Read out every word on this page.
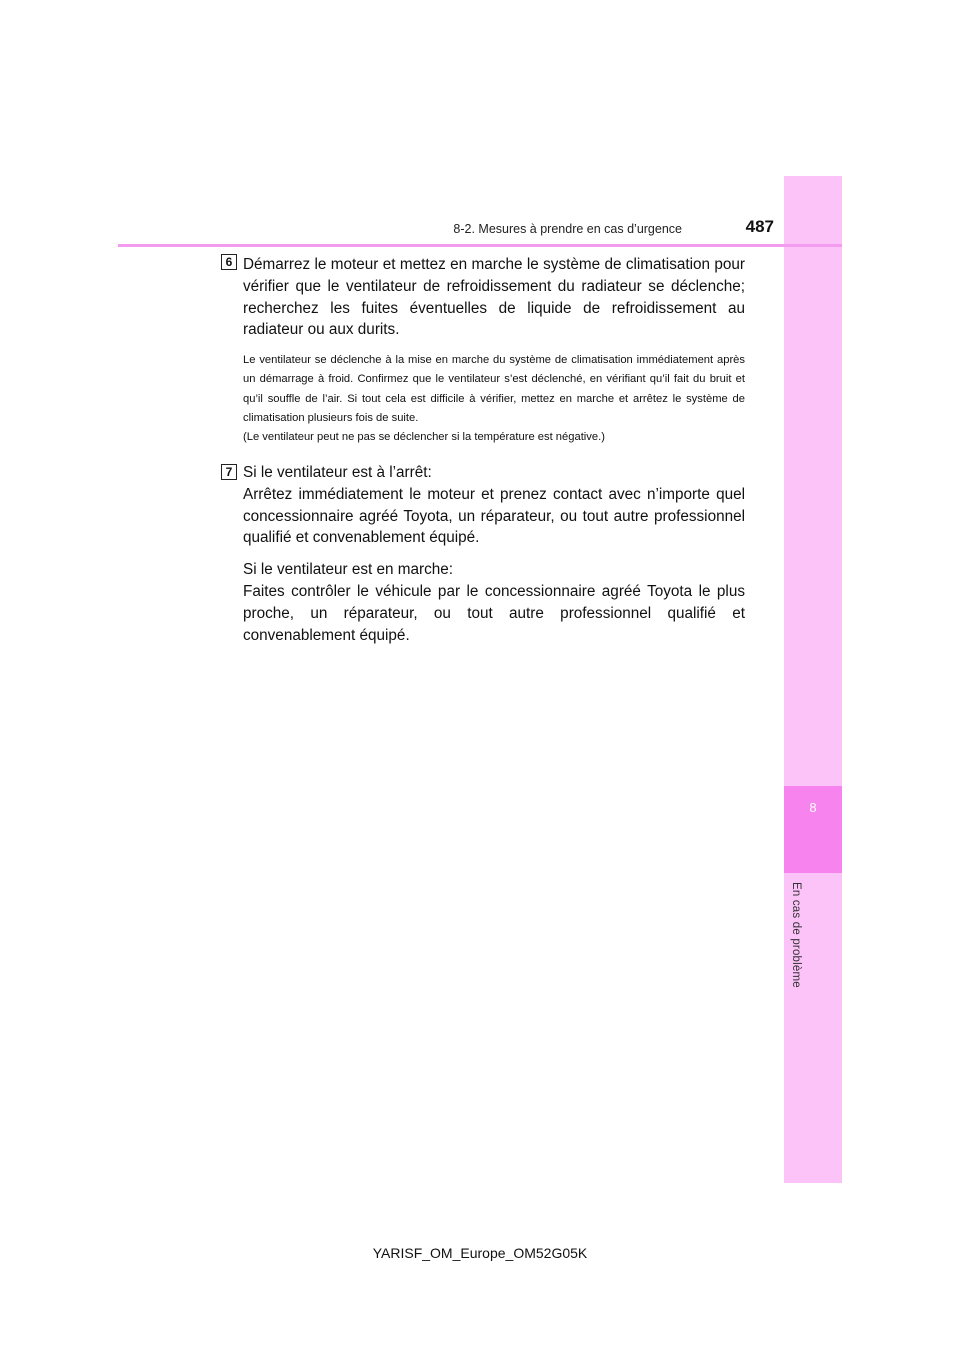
8
En cas de problème
8-2. Mesures à prendre en cas d’urgence	487
6 Démarrez le moteur et mettez en marche le système de climatisation pour vérifier que le ventilateur de refroidissement du radiateur se déclenche; recherchez les fuites éventuelles de liquide de refroidissement au radiateur ou aux durits.

Le ventilateur se déclenche à la mise en marche du système de climatisation immédiatement après un démarrage à froid. Confirmez que le ventilateur s’est déclenché, en vérifiant qu’il fait du bruit et qu’il souffle de l’air. Si tout cela est difficile à vérifier, mettez en marche et arrêtez le système de climatisation plusieurs fois de suite.

(Le ventilateur peut ne pas se déclencher si la température est négative.)

7 Si le ventilateur est à l’arrêt:

Arrêtez immédiatement le moteur et prenez contact avec n’importe quel concessionnaire agréé Toyota, un réparateur, ou tout autre professionnel qualifié et convenablement équipé.

Si le ventilateur est en marche:

Faites contrôler le véhicule par le concessionnaire agréé Toyota le plus proche, un réparateur, ou tout autre professionnel qualifié et convenablement équipé.

YARISF_OM_Europe_OM52G05K
